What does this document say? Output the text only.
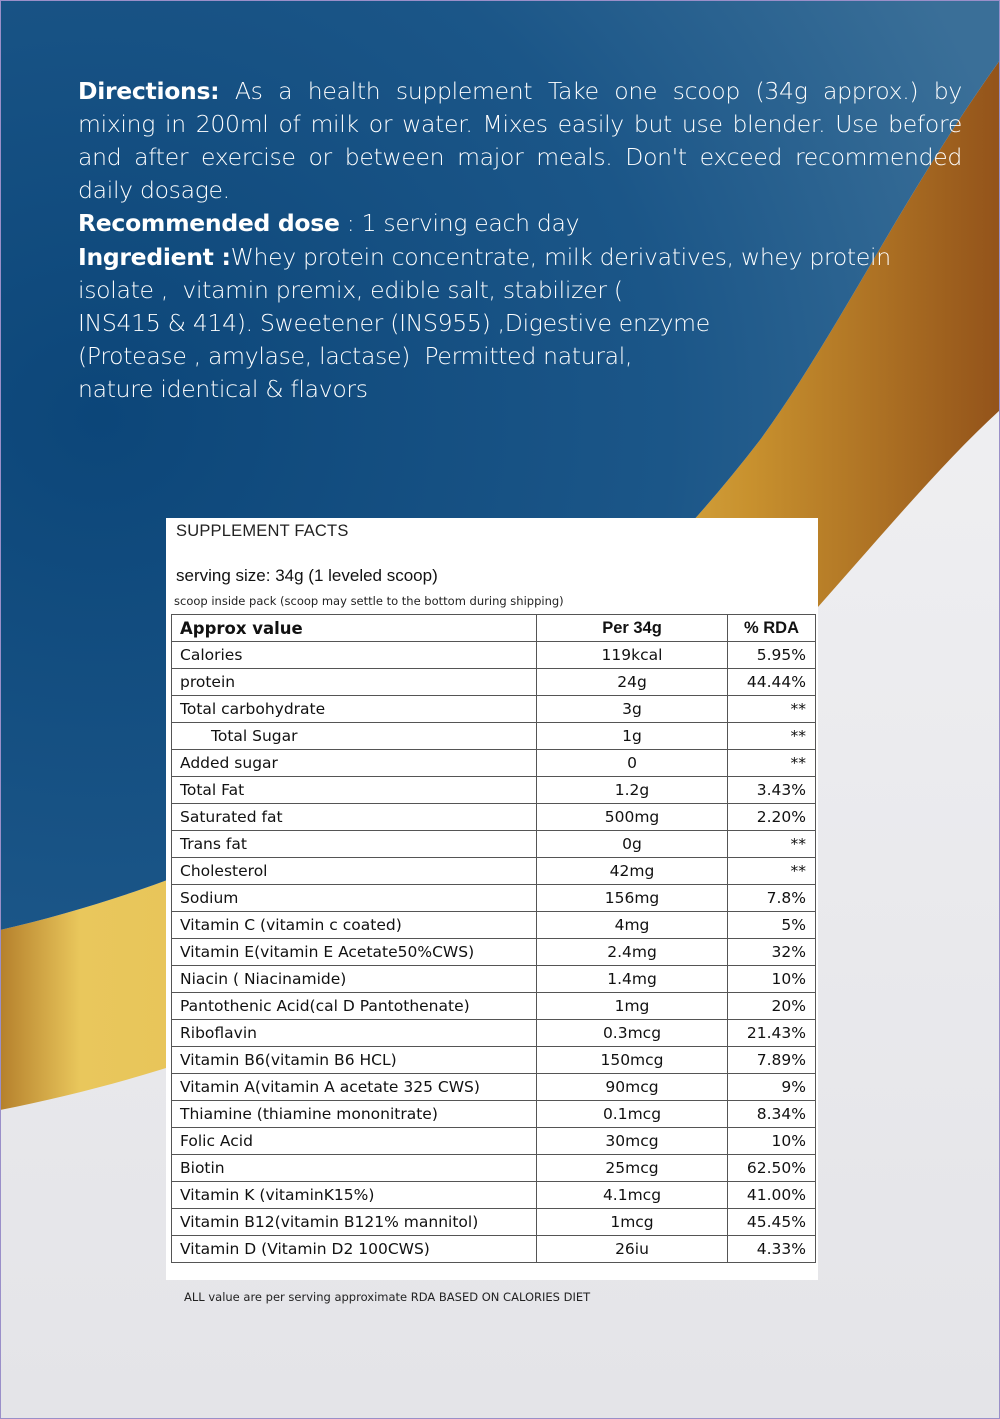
Directions: As a health supplement Take one scoop (34g approx.) by mixing in 200ml of milk or water. Mixes easily but use blender. Use before and after exercise or between major meals. Don't exceed recommended daily dosage.
Recommended dose : 1 serving each day
Ingredient :Whey protein concentrate, milk derivatives, whey protein
isolate ,  vitamin premix, edible salt, stabilizer (
INS415 & 414). Sweetener (INS955) ,Digestive enzyme
(Protease , amylase, lactase)  Permitted natural,
nature identical & flavors
SUPPLEMENT FACTS
serving size: 34g (1 leveled scoop)
scoop inside pack (scoop may settle to the bottom during shipping)
Approx value	Per 34g	% RDA
Calories	119kcal	5.95%
protein	24g	44.44%
Total carbohydrate	3g	**
Total Sugar	1g	**
Added sugar	0	**
Total Fat	1.2g	3.43%
Saturated fat	500mg	2.20%
Trans fat	0g	**
Cholesterol	42mg	**
Sodium	156mg	7.8%
Vitamin C (vitamin c coated)	4mg	5%
Vitamin E(vitamin E Acetate50%CWS)	2.4mg	32%
Niacin ( Niacinamide)	1.4mg	10%
Pantothenic Acid(cal D Pantothenate)	1mg	20%
Riboflavin	0.3mcg	21.43%
Vitamin B6(vitamin B6 HCL)	150mcg	7.89%
Vitamin A(vitamin A acetate 325 CWS)	90mcg	9%
Thiamine (thiamine mononitrate)	0.1mcg	8.34%
Folic Acid	30mcg	10%
Biotin	25mcg	62.50%
Vitamin K (vitaminK15%)	4.1mcg	41.00%
Vitamin B12(vitamin B121% mannitol)	1mcg	45.45%
Vitamin D (Vitamin D2 100CWS)	26iu	4.33%
ALL value are per serving approximate RDA BASED ON CALORIES DIET
